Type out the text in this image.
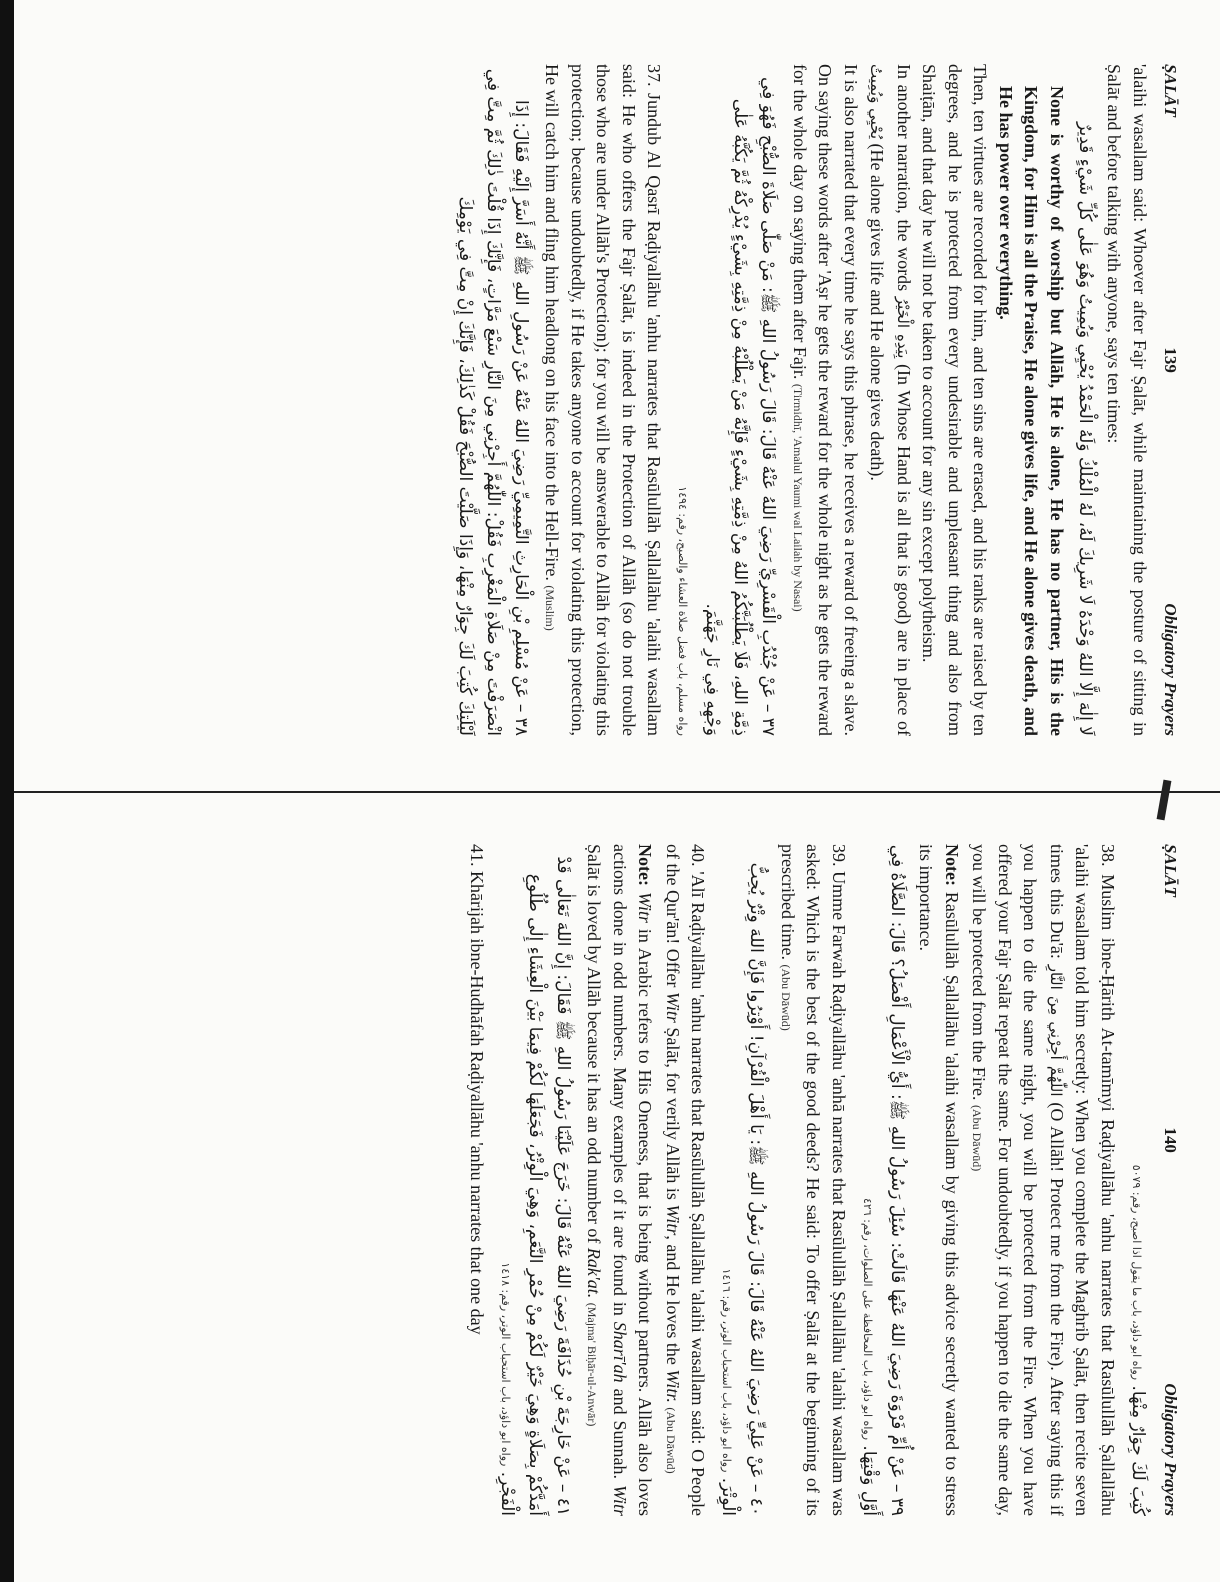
ṢALĀT
139
Obligatory Prayers

'alaihi wasallam said: Whoever after Fajr Ṣalāt, while maintaining the posture of sitting in Ṣalāt and before talking with anyone, says ten times:

لَا إِلٰهَ إِلَّا اللهُ وَحْدَهُ لَا شَرِيكَ لَهُ، لَهُ الْمُلْكُ وَلَهُ الْحَمْدُ يُحْيِي وَيُمِيتُ وَهُوَ عَلٰى كُلِّ شَيْءٍ قَدِيرٌ

None is worthy of worship but Allāh, He is alone, He has no partner, His is the Kingdom, for Him is all the Praise, He alone gives life, and He alone gives death, and He has power over everything.

Then, ten virtues are recorded for him, and ten sins are erased, and his ranks are raised by ten degrees, and he is protected from every undesirable and unpleasant thing and also from Shaiṭān, and that day he will not be taken to account for any sin except polytheism.

In another narration, the words بِيَدِهِ الْخَيْرُ (In Whose Hand is all that is good) are in place of يُحْيِي وَيُمِيتُ (He alone gives life and He alone gives death).

It is also narrated that every time he says this phrase, he receives a reward of freeing a slave. On saying these words after 'Aṣr he gets the reward for the whole night as he gets the reward for the whole day on saying them after Fajr. (Tirmidhī, 'Amalul Yaumi wal Lailah by Nasai)

٣٧ – عَنْ جُنْدُبِ الْقَسْرِيِّ رَضِيَ اللهُ عَنْهُ قَالَ: قَالَ رَسُولُ اللهِ ﷺ: مَنْ صَلّٰى صَلَاةَ الصُّبْحِ فَهُوَ فِي ذِمَّةِ اللهِ، فَلَا يَطْلُبَنَّكُمُ اللهُ مِنْ ذِمَّتِهِ بِشَيْءٍ فَإِنَّهُ مَنْ يَطْلُبْهُ مِنْ ذِمَّتِهِ بِشَيْءٍ يُدْرِكْهُ ثُمَّ يَكُبَّهُ عَلٰى وَجْهِهِ فِي نَارِ جَهَنَّمَ.

رواه مسلم، باب فضل صلاة العشاء والصبح، رقم: ١٤٩٤

37. Jundub Al Qasrī Raḍiyallāhu 'anhu narrates that Rasūlullāh Ṣallallāhu 'alaihi wasallam said: He who offers the Fajr Ṣalāt, is indeed in the Protection of Allāh (so do not trouble those who are under Allāh's Protection); for you will be answerable to Allāh for violating this protection; because undoubtedly, if He takes anyone to account for violating this protection, He will catch him and fling him headlong on his face into the Hell-Fire. (Muslim)

٣٨ – عَنْ مُسْلِمِ بْنِ الْحَارِثِ التَّمِيمِيِّ رَضِيَ اللهُ عَنْهُ عَنْ رَسُولِ اللهِ ﷺ أَنَّهُ أَسَرَّ إِلَيْهِ فَقَالَ: إِذَا انْصَرَفْتَ مِنْ صَلَاةِ الْمَغْرِبِ فَقُلْ: اللّٰهُمَّ أَجِرْنِي مِنَ النَّارِ سَبْعَ مَرَّاتٍ، فَإِنَّكَ إِذَا قُلْتَ ذٰلِكَ ثُمَّ مِتَّ فِي لَيْلَتِكَ كُتِبَ لَكَ جِوَارٌ مِنْهَا، وَإِذَا صَلَّيْتَ الصُّبْحَ فَقُلْ كَذٰلِكَ، فَإِنَّكَ إِنْ مِتَّ فِي يَوْمِكَ

ṢALĀT
140
Obligatory Prayers

كُتِبَ لَكَ جِوَارٌ مِنْهَا. رواه ابو داؤد، باب ما يقول اذا اصبح، رقم: ٥٠٧٩

38. Muslim ibne-Ḥārith At-tamīmyi Raḍiyallāhu 'anhu narrates that Rasūlullāh Ṣallallāhu 'alaihi wasallam told him secretly: When you complete the Maghrib Ṣalāt, then recite seven times this Du'ā: اللّٰهُمَّ أَجِرْنِي مِنَ النَّارِ (O Allāh! Protect me from the Fire). After saying this if you happen to die the same night, you will be protected from the Fire. When you have offered your Fajr Ṣalāt repeat the same. For undoubtedly, if you happen to die the same day, you will be protected from the Fire. (Abu Dāwūd)

Note: Rasūlullāh Ṣallallāhu 'alaihi wasallam by giving this advice secretly wanted to stress its importance.

٣٩ – عَنْ أُمِّ فَرْوَةَ رَضِيَ اللهُ عَنْهَا قَالَتْ: سُئِلَ رَسُولُ اللهِ ﷺ: أَيُّ الْأَعْمَالِ أَفْضَلُ؟ قَالَ: الصَّلَاةُ فِي أَوَّلِ وَقْتِهَا. رواه ابو داؤد، باب المحافظة على الصلوات، رقم: ٤٢٦

39. Umme Farwah Raḍiyallāhu 'anhā narrates that Rasūlullāh Ṣallallāhu 'alaihi wasallam was asked: Which is the best of the good deeds? He said: To offer Ṣalāt at the beginning of its prescribed time. (Abu Dāwūd)

٤٠ – عَنْ عَلِيٍّ رَضِيَ اللهُ عَنْهُ قَالَ: قَالَ رَسُولُ اللهِ ﷺ: يَا أَهْلَ الْقُرْآنِ! أَوْتِرُوا فَإِنَّ اللهَ وِتْرٌ يُحِبُّ الْوِتْرَ. رواه ابو داؤد، باب استحباب الوتر، رقم: ١٤١٦

40. 'Alī Raḍiyallāhu 'anhu narrates that Rasūlullāh Ṣallallāhu 'alaihi wasallam said: O People of the Qur'ān! Offer Witr Ṣalāt, for verily Allāh is Witr, and He loves the Witr. (Abu Dāwūd)

Note: Witr in Arabic refers to His Oneness, that is being without partners. Allāh also loves actions done in odd numbers. Many examples of it are found in Sharī'ah and Sunnah. Witr Ṣalāt is loved by Allāh because it has an odd number of Rak'at. (Majma' Biḥār-ul-Anwār)

٤١ – عَنْ خَارِجَةَ بْنِ حُذَافَةَ رَضِيَ اللهُ عَنْهُ قَالَ: خَرَجَ عَلَيْنَا رَسُولُ اللهِ ﷺ فَقَالَ: إِنَّ اللهَ تَعَالٰى قَدْ أَمَدَّكُمْ بِصَلَاةٍ وَهِيَ خَيْرٌ لَكُمْ مِنْ حُمْرِ النَّعَمِ، وَهِيَ الْوِتْرُ، فَجَعَلَهَا لَكُمْ فِيمَا بَيْنَ الْعِشَاءِ إِلٰى طُلُوعِ الْفَجْرِ. رواه ابو داؤد، باب استحباب الوتر، رقم: ١٤١٨

41. Khārijah ibne-Hudhāfah Raḍiyallāhu 'anhu narrates that one day
